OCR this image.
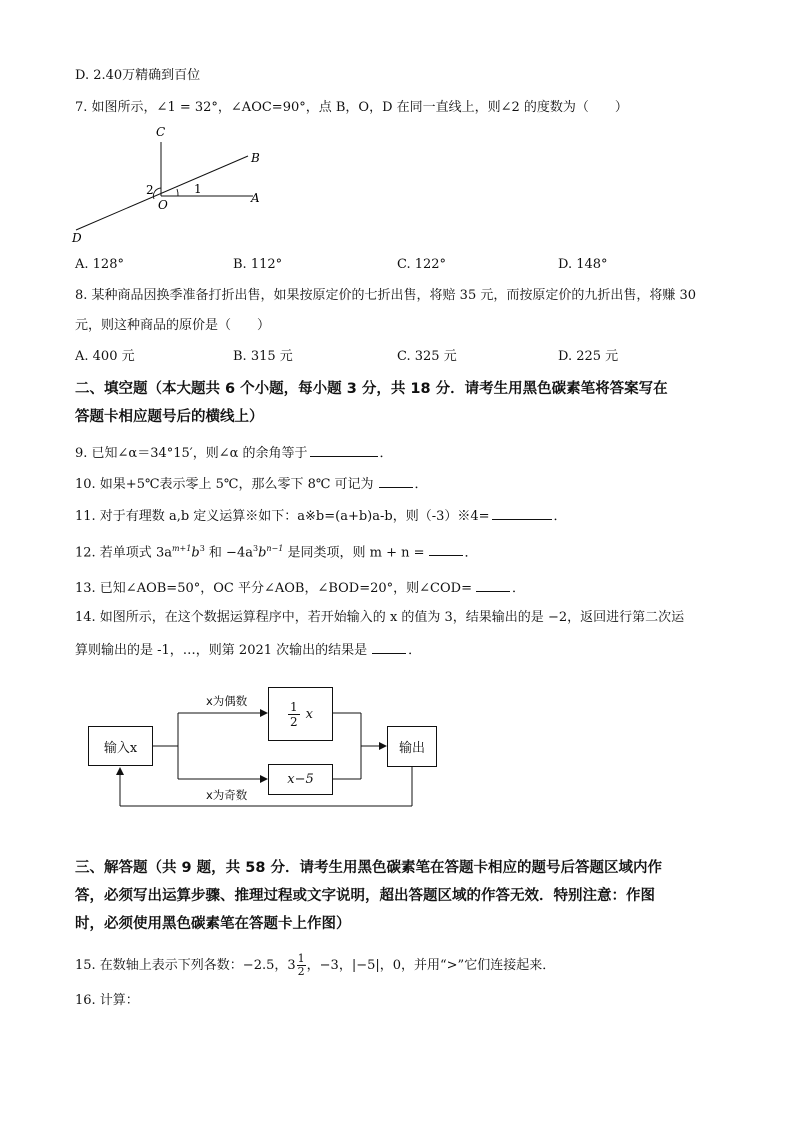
D. 2.40万精确到百位
7. 如图所示，∠1 = 32°，∠AOC=90°，点 B，O，D 在同一直线上，则∠2 的度数为（　　）
C
B
A
O
D
1
2
A. 128°	B. 112°	C. 122°	D. 148°
8. 某种商品因换季准备打折出售，如果按原定价的七折出售，将赔 35 元，而按原定价的九折出售，将赚 30
元，则这种商品的原价是（　　）
A. 400 元	B. 315 元	C. 325 元	D. 225 元
二、填空题（本大题共 6 个小题，每小题 3 分，共 18 分．请考生用黑色碳素笔将答案写在
答题卡相应题号后的横线上）
9. 已知∠α＝34°15′，则∠α 的余角等于	．
10. 如果+5℃表示零上 5℃，那么零下 8℃ 可记为	．
11. 对于有理数 a,b 定义运算※如下：a※b=(a+b)a-b，则（-3）※4=	．
12. 若单项式 $3a^{m+1}b^3$ 和 $-4a^3b^{n-1}$ 是同类项，则 m + n =	．
13. 已知∠AOB=50°，OC 平分∠AOB，∠BOD=20°，则∠COD=	．
14. 如图所示，在这个数据运算程序中，若开始输入的 x 的值为 3，结果输出的是 −2，返回进行第二次运
算则输出的是 -1，…，则第 2021 次输出的结果是	．
输入x
x为偶数	$\frac{1}{2}$ x
x−5
x为奇数
输出
三、解答题（共 9 题，共 58 分．请考生用黑色碳素笔在答题卡相应的题号后答题区域内作
答，必须写出运算步骤、推理过程或文字说明，超出答题区域的作答无效．特别注意：作图
时，必须使用黑色碳素笔在答题卡上作图）
15. 在数轴上表示下列各数：−2.5，$3 \frac{1}{2}$ ，−3，|−5|，0，并用“>”它们连接起来．
16. 计算：
